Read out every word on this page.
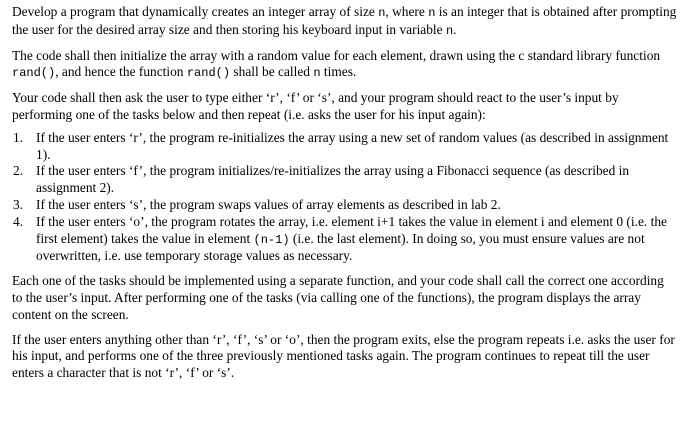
Develop a program that dynamically creates an integer array of size n, where n is an integer that is obtained after prompting the user for the desired array size and then storing his keyboard input in variable n.

The code shall then initialize the array with a random value for each element, drawn using the c standard library function rand(), and hence the function rand() shall be called n times.

Your code shall then ask the user to type either ‘r’, ‘f’ or ‘s’, and your program should react to the user’s input by performing one of the tasks below and then repeat (i.e. asks the user for his input again):

1. If the user enters ‘r’, the program re-initializes the array using a new set of random values (as described in assignment 1).
2. If the user enters ‘f’, the program initializes/re-initializes the array using a Fibonacci sequence (as described in assignment 2).
3. If the user enters ‘s’, the program swaps values of array elements as described in lab 2.
4. If the user enters ‘o’, the program rotates the array, i.e. element i+1 takes the value in element i and element 0 (i.e. the first element) takes the value in element (n-1) (i.e. the last element). In doing so, you must ensure values are not overwritten, i.e. use temporary storage values as necessary.

Each one of the tasks should be implemented using a separate function, and your code shall call the correct one according to the user’s input. After performing one of the tasks (via calling one of the functions), the program displays the array content on the screen.

If the user enters anything other than ‘r’, ‘f’, ‘s’ or ‘o’, then the program exits, else the program repeats i.e. asks the user for his input, and performs one of the three previously mentioned tasks again. The program continues to repeat till the user enters a character that is not ‘r’, ‘f’ or ‘s’.
